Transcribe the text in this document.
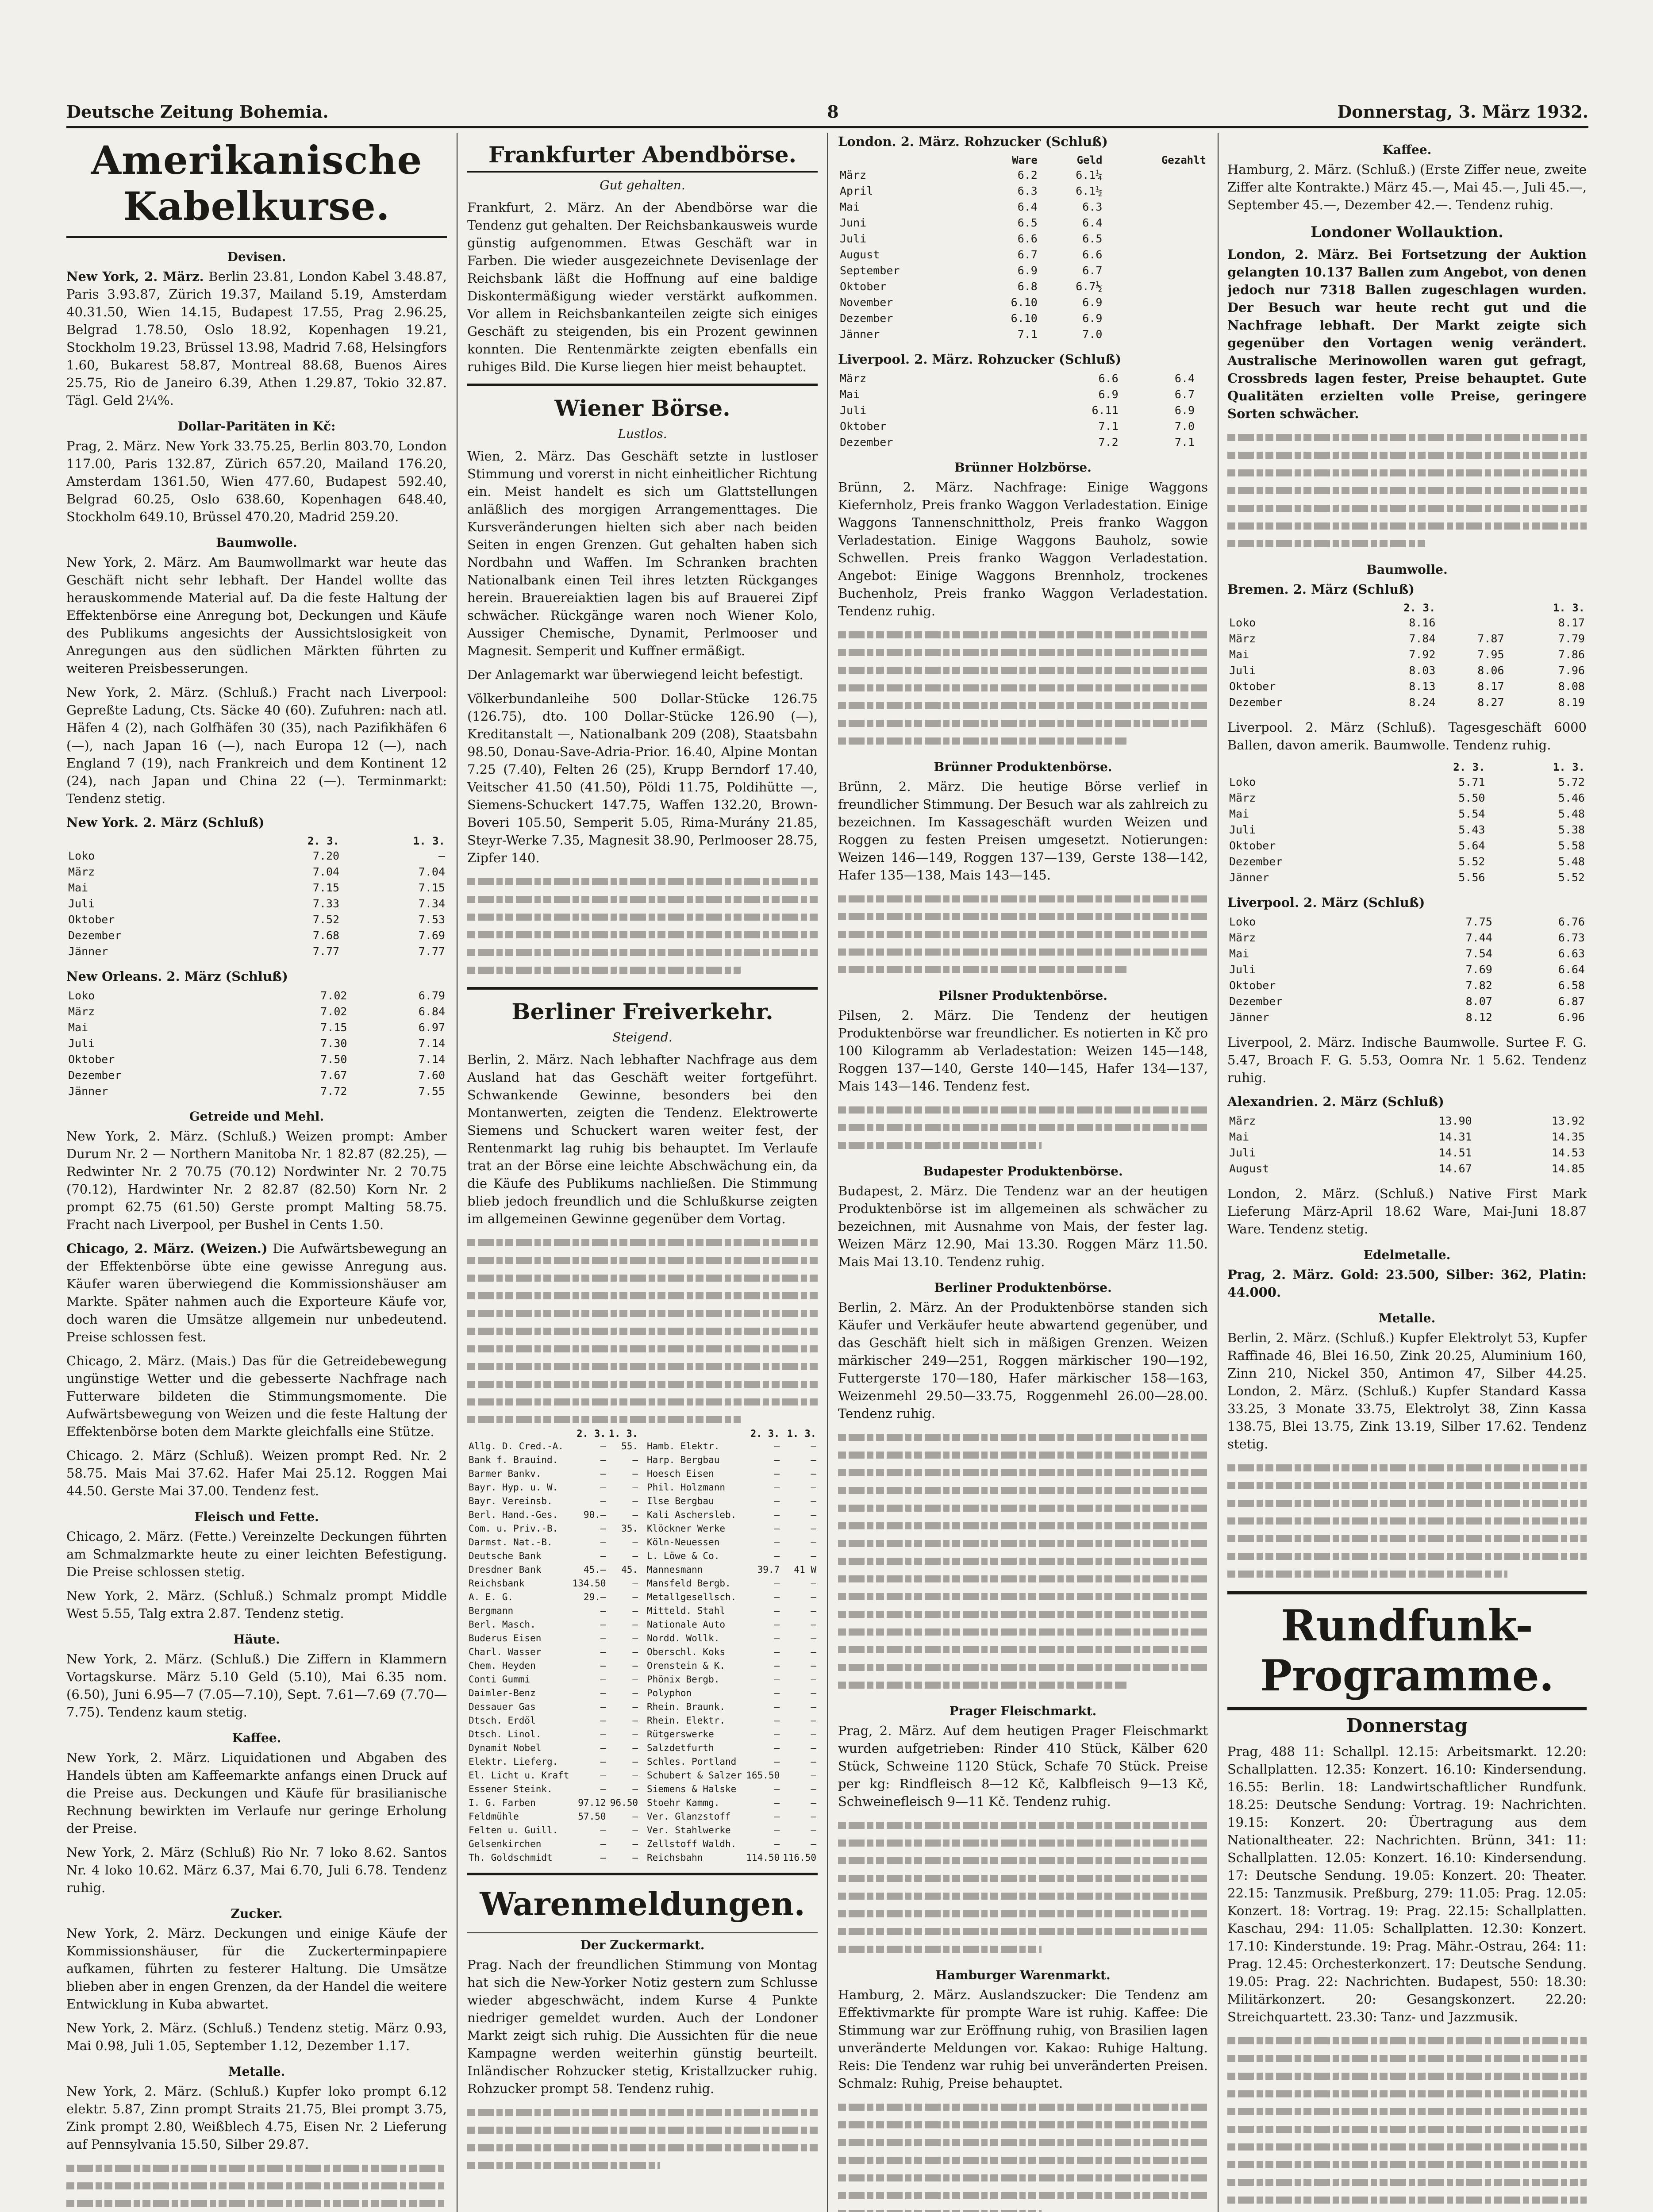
Deutsche Zeitung Bohemia.	8	Donnerstag, 3. März 1932.
Amerikanische Kabelkurse.
Devisen.
New York, 2. März. Berlin 23.81, London Kabel 3.48.87, Paris 3.93.87, Zürich 19.37, Mailand 5.19, Amsterdam 40.31.50, Wien 14.15, Budapest 17.55, Prag 2.96.25, Belgrad 1.78.50, Oslo 18.92, Kopenhagen 19.21, Stockholm 19.23, Brüssel 13.98, Madrid 7.68, Helsingfors 1.60, Bukarest 58.87, Montreal 88.68, Buenos Aires 25.75, Rio de Janeiro 6.39, Athen 1.29.87, Tokio 32.87. Tägl. Geld 2¼%.
Dollar-Paritäten in Kč:
Prag, 2. März. New York 33.75.25, Berlin 803.70, London 117.00, Paris 132.87, Zürich 657.20, Mailand 176.20, Amsterdam 1361.50, Wien 477.60, Budapest 592.40, Belgrad 60.25, Oslo 638.60, Kopenhagen 648.40, Stockholm 649.10, Brüssel 470.20, Madrid 259.20.
Baumwolle.
New York, 2. März. Am Baumwollmarkt war heute das Geschäft nicht sehr lebhaft. Der Handel wollte das herauskommende Material auf. Da die feste Haltung der Effektenbörse eine Anregung bot, Deckungen und Käufe des Publikums angesichts der Aussichtslosigkeit von Anregungen aus den südlichen Märkten führten zu weiteren Preisbesserungen.
New York, 2. März. (Schluß.) Fracht nach Liverpool: Gepreßte Ladung, Cts. Säcke 40 (60). Zufuhren: nach atl. Häfen 4 (2), nach Golfhäfen 30 (35), nach Pazifikhäfen 6 (—), nach Japan 16 (—), nach Europa 12 (—), nach England 7 (19), nach Frankreich und dem Kontinent 12 (24), nach Japan und China 22 (—). Terminmarkt: Tendenz stetig.
New York. 2. März (Schluß)
	2. 3.	1. 3.
Loko	7.20	—
März	7.04	7.04
Mai	7.15	7.15
Juli	7.33	7.34
Oktober	7.52	7.53
Dezember	7.68	7.69
Jänner	7.77	7.77
New Orleans. 2. März (Schluß)
Loko	7.02	6.79
März	7.02	6.84
Mai	7.15	6.97
Juli	7.30	7.14
Oktober	7.50	7.14
Dezember	7.67	7.60
Jänner	7.72	7.55
Getreide und Mehl.
New York, 2. März. (Schluß.) Weizen prompt: Amber Durum Nr. 2 — Northern Manitoba Nr. 1 82.87 (82.25), — Redwinter Nr. 2 70.75 (70.12) Nordwinter Nr. 2 70.75 (70.12), Hardwinter Nr. 2 82.87 (82.50) Korn Nr. 2 prompt 62.75 (61.50) Gerste prompt Malting 58.75. Fracht nach Liverpool, per Bushel in Cents 1.50.
Chicago, 2. März. (Weizen.) Die Aufwärtsbewegung an der Effektenbörse übte eine gewisse Anregung aus. Käufer waren überwiegend die Kommissionshäuser am Markte. Später nahmen auch die Exporteure Käufe vor, doch waren die Umsätze allgemein nur unbedeutend. Preise schlossen fest.
Chicago, 2. März. (Mais.) Das für die Getreidebewegung ungünstige Wetter und die gebesserte Nachfrage nach Futterware bildeten die Stimmungsmomente. Die Aufwärtsbewegung von Weizen und die feste Haltung der Effektenbörse boten dem Markte gleichfalls eine Stütze.
Chicago. 2. März (Schluß). Weizen prompt Red. Nr. 2 58.75. Mais Mai 37.62. Hafer Mai 25.12. Roggen Mai 44.50. Gerste Mai 37.00. Tendenz fest.
Fleisch und Fette.
Chicago, 2. März. (Fette.) Vereinzelte Deckungen führten am Schmalzmarkte heute zu einer leichten Befestigung. Die Preise schlossen stetig.
New York, 2. März. (Schluß.) Schmalz prompt Middle West 5.55, Talg extra 2.87. Tendenz stetig.
Häute.
New York, 2. März. (Schluß.) Die Ziffern in Klammern Vortagskurse. März 5.10 Geld (5.10), Mai 6.35 nom. (6.50), Juni 6.95—7 (7.05—7.10), Sept. 7.61—7.69 (7.70—7.75). Tendenz kaum stetig.
Kaffee.
New York, 2. März. Liquidationen und Abgaben des Handels übten am Kaffeemarkte anfangs einen Druck auf die Preise aus. Deckungen und Käufe für brasilianische Rechnung bewirkten im Verlaufe nur geringe Erholung der Preise.
New York, 2. März (Schluß) Rio Nr. 7 loko 8.62. Santos Nr. 4 loko 10.62. März 6.37, Mai 6.70, Juli 6.78. Tendenz ruhig.
Zucker.
New York, 2. März. Deckungen und einige Käufe der Kommissionshäuser, für die Zuckerterminpapiere aufkamen, führten zu festerer Haltung. Die Umsätze blieben aber in engen Grenzen, da der Handel die weitere Entwicklung in Kuba abwartet.
New York, 2. März. (Schluß.) Tendenz stetig. März 0.93, Mai 0.98, Juli 1.05, September 1.12, Dezember 1.17.
Metalle.
New York, 2. März. (Schluß.) Kupfer loko prompt 6.12 elektr. 5.87, Zinn prompt Straits 21.75, Blei prompt 3.75, Zink prompt 2.80, Weißblech 4.75, Eisen Nr. 2 Lieferung auf Pennsylvania 15.50, Silber 29.87.
Frankfurter Abendbörse.
Gut gehalten.
Frankfurt, 2. März. An der Abendbörse war die Tendenz gut gehalten. Der Reichsbankausweis wurde günstig aufgenommen. Etwas Geschäft war in Farben. Die wieder ausgezeichnete Devisenlage der Reichsbank läßt die Hoffnung auf eine baldige Diskontermäßigung wieder verstärkt aufkommen. Vor allem in Reichsbankanteilen zeigte sich einiges Geschäft zu steigenden, bis ein Prozent gewinnen konnten. Die Rentenmärkte zeigten ebenfalls ein ruhiges Bild. Die Kurse liegen hier meist behauptet.
Wiener Börse.
Lustlos.
Wien, 2. März. Das Geschäft setzte in lustloser Stimmung und vorerst in nicht einheitlicher Richtung ein. Meist handelt es sich um Glattstellungen anläßlich des morgigen Arrangementtages. Die Kursveränderungen hielten sich aber nach beiden Seiten in engen Grenzen. Gut gehalten haben sich Nordbahn und Waffen. Im Schranken brachten Nationalbank einen Teil ihres letzten Rückganges herein. Brauereiaktien lagen bis auf Brauerei Zipf schwächer. Rückgänge waren noch Wiener Kolo, Aussiger Chemische, Dynamit, Perlmooser und Magnesit. Semperit und Kuffner ermäßigt.
Der Anlagemarkt war überwiegend leicht befestigt.
Völkerbundanleihe 500 Dollar-Stücke 126.75 (126.75), dto. 100 Dollar-Stücke 126.90 (—), Kreditanstalt —, Nationalbank 209 (208), Staatsbahn 98.50, Donau-Save-Adria-Prior. 16.40, Alpine Montan 7.25 (7.40), Felten 26 (25), Krupp Berndorf 17.40, Veitscher 41.50 (41.50), Pöldi 11.75, Poldihütte —, Siemens-Schuckert 147.75, Waffen 132.20, Brown-Boveri 105.50, Semperit 5.05, Rima-Murány 21.85, Steyr-Werke 7.35, Magnesit 38.90, Perlmooser 28.75, Zipfer 140.
Berliner Freiverkehr.
Steigend.
Berlin, 2. März. Nach lebhafter Nachfrage aus dem Ausland hat das Geschäft weiter fortgeführt. Schwankende Gewinne, besonders bei den Montanwerten, zeigten die Tendenz. Elektrowerte Siemens und Schuckert waren weiter fest, der Rentenmarkt lag ruhig bis behauptet. Im Verlaufe trat an der Börse eine leichte Abschwächung ein, da die Käufe des Publikums nachließen. Die Stimmung blieb jedoch freundlich und die Schlußkurse zeigten im allgemeinen Gewinne gegenüber dem Vortag.
	2. 3.	1. 3.
Allg. D. Cred.-A.	—	55.
Bank f. Brauind.	—	—
Barmer Bankv.	—	—
Bayr. Hyp. u. W.	—	—
Bayr. Vereinsb.	—	—
Berl. Hand.-Ges.	90.—	—
Com. u. Priv.-B.	—	35.
Darmst. Nat.-B.	—	—
Deutsche Bank	—	—
Dresdner Bank	45.—	45.
Reichsbank	134.50	—
A. E. G.	29.—	—
Bergmann	—	—
Berl. Masch.	—	—
Buderus Eisen	—	—
Charl. Wasser	—	—
Chem. Heyden	—	—
Conti Gummi	—	—
Daimler-Benz	—	—
Dessauer Gas	—	—
Dtsch. Erdöl	—	—
Dtsch. Linol.	—	—
Dynamit Nobel	—	—
Elektr. Lieferg.	—	—
El. Licht u. Kraft	—	—
Essener Steink.	—	—
I. G. Farben	97.12	96.50
Feldmühle	57.50	—
Felten u. Guill.	—	—
Gelsenkirchen	—	—
Th. Goldschmidt	—	—
	2. 3.	1. 3.
Hamb. Elektr.	—	—
Harp. Bergbau	—	—
Hoesch Eisen	—	—
Phil. Holzmann	—	—
Ilse Bergbau	—	—
Kali Aschersleb.	—	—
Klöckner Werke	—	—
Köln-Neuessen	—	—
L. Löwe & Co.	—	—
Mannesmann	39.7	41 W
Mansfeld Bergb.	—	—
Metallgesellsch.	—	—
Mitteld. Stahl	—	—
Nationale Auto	—	—
Nordd. Wollk.	—	—
Oberschl. Koks	—	—
Orenstein & K.	—	—
Phönix Bergb.	—	—
Polyphon	—	—
Rhein. Braunk.	—	—
Rhein. Elektr.	—	—
Rütgerswerke	—	—
Salzdetfurth	—	—
Schles. Portland	—	—
Schubert & Salzer	165.50	—
Siemens & Halske	—	—
Stoehr Kammg.	—	—
Ver. Glanzstoff	—	—
Ver. Stahlwerke	—	—
Zellstoff Waldh.	—	—
Reichsbahn	114.50	116.50
Warenmeldungen.
Der Zuckermarkt.
Prag. Nach der freundlichen Stimmung von Montag hat sich die New-Yorker Notiz gestern zum Schlusse wieder abgeschwächt, indem Kurse 4 Punkte niedriger gemeldet wurden. Auch der Londoner Markt zeigt sich ruhig. Die Aussichten für die neue Kampagne werden weiterhin günstig beurteilt. Inländischer Rohzucker stetig, Kristallzucker ruhig. Rohzucker prompt 58. Tendenz ruhig.
London. 2. März. Rohzucker (Schluß)
	Ware	Geld	Gezahlt
März	6.2	6.1¼	
April	6.3	6.1½	
Mai	6.4	6.3	
Juni	6.5	6.4	
Juli	6.6	6.5	
August	6.7	6.6	
September	6.9	6.7	
Oktober	6.8	6.7½	
November	6.10	6.9	
Dezember	6.10	6.9	
Jänner	7.1	7.0	
Liverpool. 2. März. Rohzucker (Schluß)
März	6.6	6.4	
Mai	6.9	6.7	
Juli	6.11	6.9	
Oktober	7.1	7.0	
Dezember	7.2	7.1	
Brünner Holzbörse.
Brünn, 2. März. Nachfrage: Einige Waggons Kiefernholz, Preis franko Waggon Verladestation. Einige Waggons Tannenschnittholz, Preis franko Waggon Verladestation. Einige Waggons Bauholz, sowie Schwellen. Preis franko Waggon Verladestation. Angebot: Einige Waggons Brennholz, trockenes Buchenholz, Preis franko Waggon Verladestation. Tendenz ruhig.
Brünner Produktenbörse.
Brünn, 2. März. Die heutige Börse verlief in freundlicher Stimmung. Der Besuch war als zahlreich zu bezeichnen. Im Kassageschäft wurden Weizen und Roggen zu festen Preisen umgesetzt. Notierungen: Weizen 146—149, Roggen 137—139, Gerste 138—142, Hafer 135—138, Mais 143—145.
Pilsner Produktenbörse.
Pilsen, 2. März. Die Tendenz der heutigen Produktenbörse war freundlicher. Es notierten in Kč pro 100 Kilogramm ab Verladestation: Weizen 145—148, Roggen 137—140, Gerste 140—145, Hafer 134—137, Mais 143—146. Tendenz fest.
Budapester Produktenbörse.
Budapest, 2. März. Die Tendenz war an der heutigen Produktenbörse ist im allgemeinen als schwächer zu bezeichnen, mit Ausnahme von Mais, der fester lag. Weizen März 12.90, Mai 13.30. Roggen März 11.50. Mais Mai 13.10. Tendenz ruhig.
Berliner Produktenbörse.
Berlin, 2. März. An der Produktenbörse standen sich Käufer und Verkäufer heute abwartend gegenüber, und das Geschäft hielt sich in mäßigen Grenzen. Weizen märkischer 249—251, Roggen märkischer 190—192, Futtergerste 170—180, Hafer märkischer 158—163, Weizenmehl 29.50—33.75, Roggenmehl 26.00—28.00. Tendenz ruhig.
Prager Fleischmarkt.
Prag, 2. März. Auf dem heutigen Prager Fleischmarkt wurden aufgetrieben: Rinder 410 Stück, Kälber 620 Stück, Schweine 1120 Stück, Schafe 70 Stück. Preise per kg: Rindfleisch 8—12 Kč, Kalbfleisch 9—13 Kč, Schweinefleisch 9—11 Kč. Tendenz ruhig.
Hamburger Warenmarkt.
Hamburg, 2. März. Auslandszucker: Die Tendenz am Effektivmarkte für prompte Ware ist ruhig. Kaffee: Die Stimmung war zur Eröffnung ruhig, von Brasilien lagen unveränderte Meldungen vor. Kakao: Ruhige Haltung. Reis: Die Tendenz war ruhig bei unveränderten Preisen. Schmalz: Ruhig, Preise behauptet.
Kaffee.
Hamburg, 2. März. (Schluß.) (Erste Ziffer neue, zweite Ziffer alte Kontrakte.) März 45.—, Mai 45.—, Juli 45.—, September 45.—, Dezember 42.—. Tendenz ruhig.
Londoner Wollauktion.
London, 2. März. Bei Fortsetzung der Auktion gelangten 10.137 Ballen zum Angebot, von denen jedoch nur 7318 Ballen zugeschlagen wurden. Der Besuch war heute recht gut und die Nachfrage lebhaft. Der Markt zeigte sich gegenüber den Vortagen wenig verändert. Australische Merinowollen waren gut gefragt, Crossbreds lagen fester, Preise behauptet. Gute Qualitäten erzielten volle Preise, geringere Sorten schwächer.
Baumwolle.
Bremen. 2. März (Schluß)
	2. 3.		1. 3.
Loko	8.16		8.17
März	7.84	7.87	7.79
Mai	7.92	7.95	7.86
Juli	8.03	8.06	7.96
Oktober	8.13	8.17	8.08
Dezember	8.24	8.27	8.19
Liverpool. 2. März (Schluß). Tagesgeschäft 6000 Ballen, davon amerik. Baumwolle. Tendenz ruhig.
	2. 3.	1. 3.
Loko	5.71	5.72
März	5.50	5.46
Mai	5.54	5.48
Juli	5.43	5.38
Oktober	5.64	5.58
Dezember	5.52	5.48
Jänner	5.56	5.52
Liverpool. 2. März (Schluß)
Loko	7.75	6.76
März	7.44	6.73
Mai	7.54	6.63
Juli	7.69	6.64
Oktober	7.82	6.58
Dezember	8.07	6.87
Jänner	8.12	6.96
Liverpool, 2. März. Indische Baumwolle. Surtee F. G. 5.47, Broach F. G. 5.53, Oomra Nr. 1 5.62. Tendenz ruhig.
Alexandrien. 2. März (Schluß)
März	13.90	13.92
Mai	14.31	14.35
Juli	14.51	14.53
August	14.67	14.85
London, 2. März. (Schluß.) Native First Mark Lieferung März-April 18.62 Ware, Mai-Juni 18.87 Ware. Tendenz stetig.
Edelmetalle.
Prag, 2. März. Gold: 23.500, Silber: 362, Platin: 44.000.
Metalle.
Berlin, 2. März. (Schluß.) Kupfer Elektrolyt 53, Kupfer Raffinade 46, Blei 16.50, Zink 20.25, Aluminium 160, Zinn 210, Nickel 350, Antimon 47, Silber 44.25. London, 2. März. (Schluß.) Kupfer Standard Kassa 33.25, 3 Monate 33.75, Elektrolyt 38, Zinn Kassa 138.75, Blei 13.75, Zink 13.19, Silber 17.62. Tendenz stetig.
Rundfunk-Programme.
Donnerstag
Prag, 488 11: Schallpl. 12.15: Arbeitsmarkt. 12.20: Schallplatten. 12.35: Konzert. 16.10: Kindersendung. 16.55: Berlin. 18: Landwirtschaftlicher Rundfunk. 18.25: Deutsche Sendung: Vortrag. 19: Nachrichten. 19.15: Konzert. 20: Übertragung aus dem Nationaltheater. 22: Nachrichten. Brünn, 341: 11: Schallplatten. 12.05: Konzert. 16.10: Kindersendung. 17: Deutsche Sendung. 19.05: Konzert. 20: Theater. 22.15: Tanzmusik. Preßburg, 279: 11.05: Prag. 12.05: Konzert. 18: Vortrag. 19: Prag. 22.15: Schallplatten. Kaschau, 294: 11.05: Schallplatten. 12.30: Konzert. 17.10: Kinderstunde. 19: Prag. Mähr.-Ostrau, 264: 11: Prag. 12.45: Orchesterkonzert. 17: Deutsche Sendung. 19.05: Prag. 22: Nachrichten. Budapest, 550: 18.30: Militärkonzert. 20: Gesangskonzert. 22.20: Streichquartett. 23.30: Tanz- und Jazzmusik.
